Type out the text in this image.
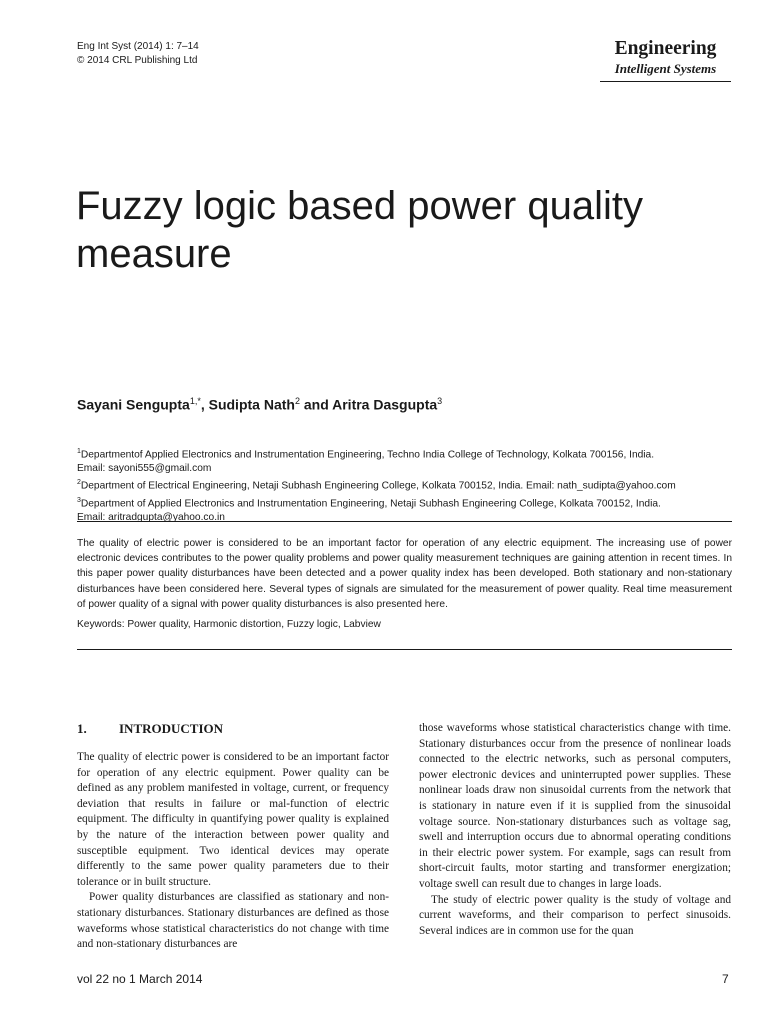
Eng Int Syst (2014) 1: 7–14
© 2014 CRL Publishing Ltd
Engineering
Intelligent Systems
Fuzzy logic based power quality measure
Sayani Sengupta$^{1,*}$, Sudipta Nath$^2$ and Aritra Dasgupta$^3$
$^1$Departmentof Applied Electronics and Instrumentation Engineering, Techno India College of Technology, Kolkata 700156, India.
Email: sayoni555@gmail.com
$^2$Department of Electrical Engineering, Netaji Subhash Engineering College, Kolkata 700152, India. Email: nath_sudipta@yahoo.com
$^3$Department of Applied Electronics and Instrumentation Engineering, Netaji Subhash Engineering College, Kolkata 700152, India.
Email: aritradgupta@yahoo.co.in
The quality of electric power is considered to be an important factor for operation of any electric equipment. The increasing use of power electronic devices contributes to the power quality problems and power quality measurement techniques are gaining attention in recent times. In this paper power quality disturbances have been detected and a power quality index has been developed. Both stationary and non-stationary disturbances have been considered here. Several types of signals are simulated for the measurement of power quality. Real time measurement of power quality of a signal with power quality disturbances is also presented here.
Keywords: Power quality, Harmonic distortion, Fuzzy logic, Labview
1. INTRODUCTION

The quality of electric power is considered to be an important factor for operation of any electric equipment. Power quality can be defined as any problem manifested in voltage, current, or frequency deviation that results in failure or mal-function of electric equipment. The difficulty in quantifying power quality is explained by the nature of the interaction between power quality and susceptible equipment. Two identical devices may operate differently to the same power quality parameters due to their tolerance or in built structure.

Power quality disturbances are classified as stationary and non-stationary disturbances. Stationary disturbances are defined as those waveforms whose statistical characteristics do not change with time and non-stationary disturbances are

those waveforms whose statistical characteristics change with time. Stationary disturbances occur from the presence of nonlinear loads connected to the electric networks, such as personal computers, power electronic devices and uninterrupted power supplies. These nonlinear loads draw non sinusoidal currents from the network that is stationary in nature even if it is supplied from the sinusoidal voltage source. Non-stationary disturbances such as voltage sag, swell and interruption occurs due to abnormal operating conditions in their electric power system. For example, sags can result from short-circuit faults, motor starting and transformer energization; voltage swell can result due to changes in large loads.

The study of electric power quality is the study of voltage and current waveforms, and their comparison to perfect sinusoids. Several indices are in common use for the quan

vol 22 no 1 March 2014	7
